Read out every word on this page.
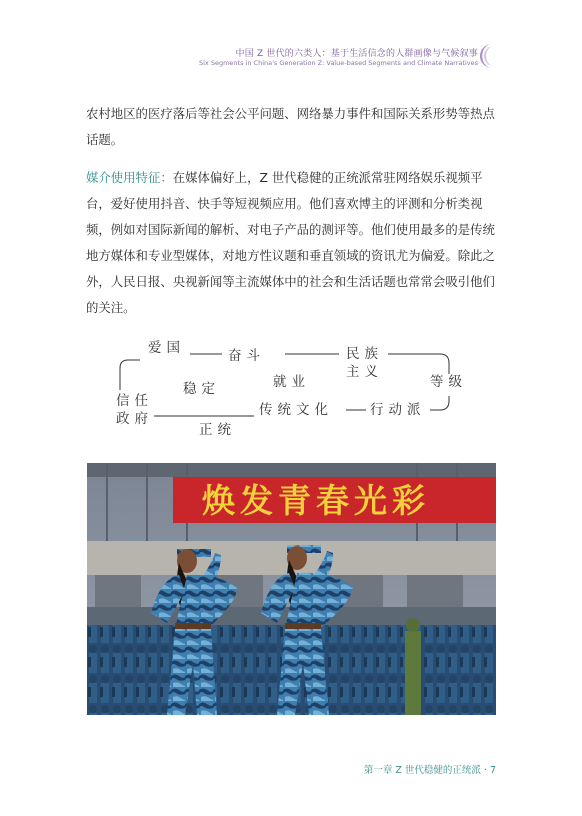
中国 Z 世代的六类人：基于生活信念的人群画像与气候叙事
Six Segments in China's Generation Z: Value-based Segments and Climate Narratives

农村地区的医疗落后等社会公平问题、网络暴力事件和国际关系形势等热点话题。

媒介使用特征：在媒体偏好上，Z 世代稳健的正统派常驻网络娱乐视频平台，爱好使用抖音、快手等短视频应用。他们喜欢博主的评测和分析类视频，例如对国际新闻的解析、对电子产品的测评等。他们使用最多的是传统地方媒体和专业型媒体，对地方性议题和垂直领域的资讯尤为偏爱。除此之外，人民日报、央视新闻等主流媒体中的社会和生活话题也常常会吸引他们的关注。

爱国	奋斗	民族
主义
稳定	就业	等级
信任
政府
传统文化	行动派
正统
焕发青春光彩
第一章 Z 世代稳健的正统派 · 7
